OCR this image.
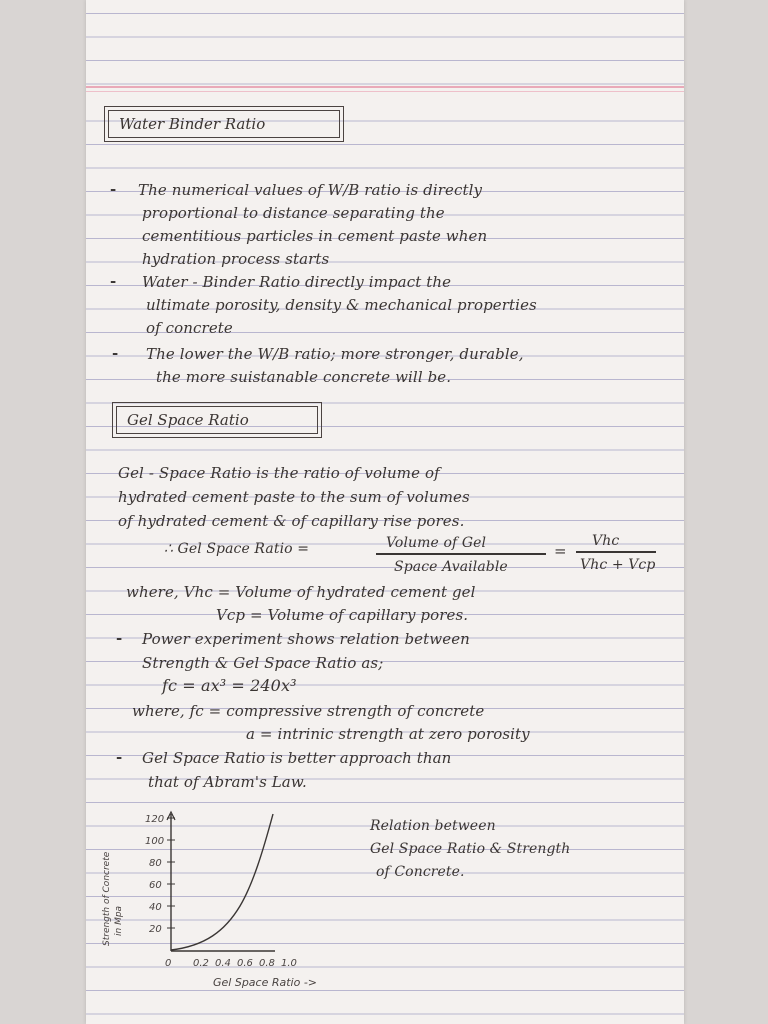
Water Binder Ratio
- The numerical values of W/B ratio is directly
proportional to distance separating the
cementitious particles in cement paste when
hydration process starts
- Water - Binder Ratio directly impact the
ultimate porosity, density & mechanical properties
of concrete
- The lower the W/B ratio; more stronger, durable,
the more suistanable concrete will be.
Gel Space Ratio
Gel - Space Ratio is the ratio of volume of
hydrated cement paste to the sum of volumes
of hydrated cement & of capillary rise pores.
∴ Gel Space Ratio =	Volume of Gel
Space Available
=
Vhc
Vhc + Vcp
where, Vhc = Volume of hydrated cement gel
Vcp = Volume of capillary pores.
- Power experiment shows relation between
Strength & Gel Space Ratio as;
fc = ax³ = 240x³
where, fc = compressive strength of concrete
a = intrinic strength at zero porosity
- Gel Space Ratio is better approach than
that of Abram's Law.
Relation between
Gel Space Ratio & Strength
of Concrete.
120
100
80
60
40
20
Strength of Concrete in Mpa
0 0.2 0.4 0.6 0.8 1.0
Gel Space Ratio ->
